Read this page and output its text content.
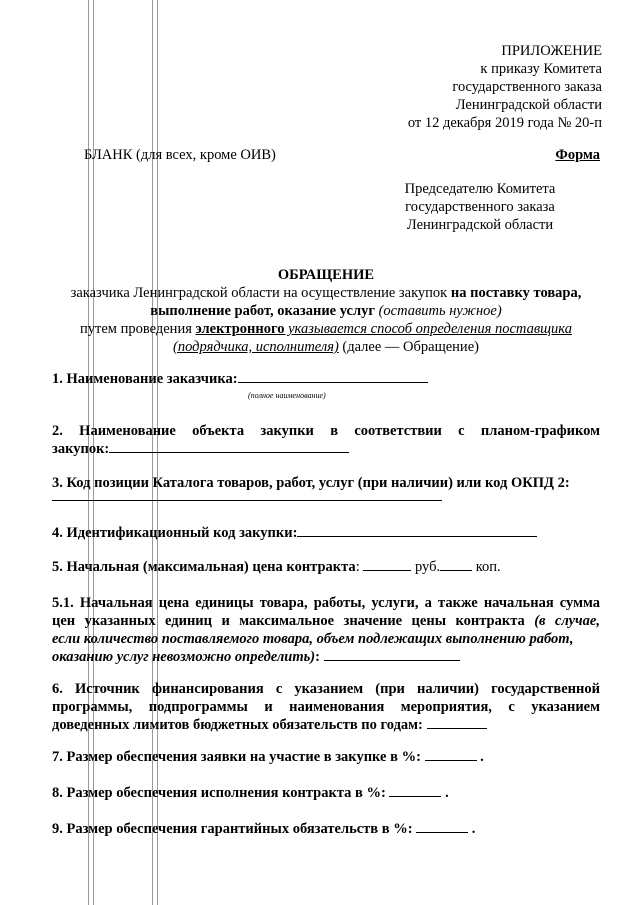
ПРИЛОЖЕНИЕ
к приказу Комитета
государственного заказа
Ленинградской области
от 12 декабря 2019 года № 20-п
БЛАНК (для всех, кроме ОИВ)	Форма
Председателю Комитета
государственного заказа
Ленинградской области
ОБРАЩЕНИЕ
заказчика Ленинградской области на осуществление закупок на поставку товара,
выполнение работ, оказание услуг (оставить нужное)
путем проведения электронного указывается способ определения поставщика
(подрядчика, исполнителя) (далее — Обращение)
1. Наименование заказчика:
(полное наименование)
2. Наименование объекта закупки в соответствии с планом-графиком
закупок:
3. Код позиции Каталога товаров, работ, услуг (при наличии) или код ОКПД 2:
4. Идентификационный код закупки:
5. Начальная (максимальная) цена контракта:	руб. коп.
5.1. Начальная цена единицы товара, работы, услуги, а также начальная сумма
цен указанных единиц и максимальное значение цены контракта (в случае,
если количество поставляемого товара, объем подлежащих выполнению работ,
оказанию услуг невозможно определить):
6. Источник финансирования с указанием (при наличии) государственной
программы, подпрограммы и наименования мероприятия, с указанием
доведенных лимитов бюджетных обязательств по годам:
7. Размер обеспечения заявки на участие в закупке в %:	.
8. Размер обеспечения исполнения контракта в %:	.
9. Размер обеспечения гарантийных обязательств в %:	.
